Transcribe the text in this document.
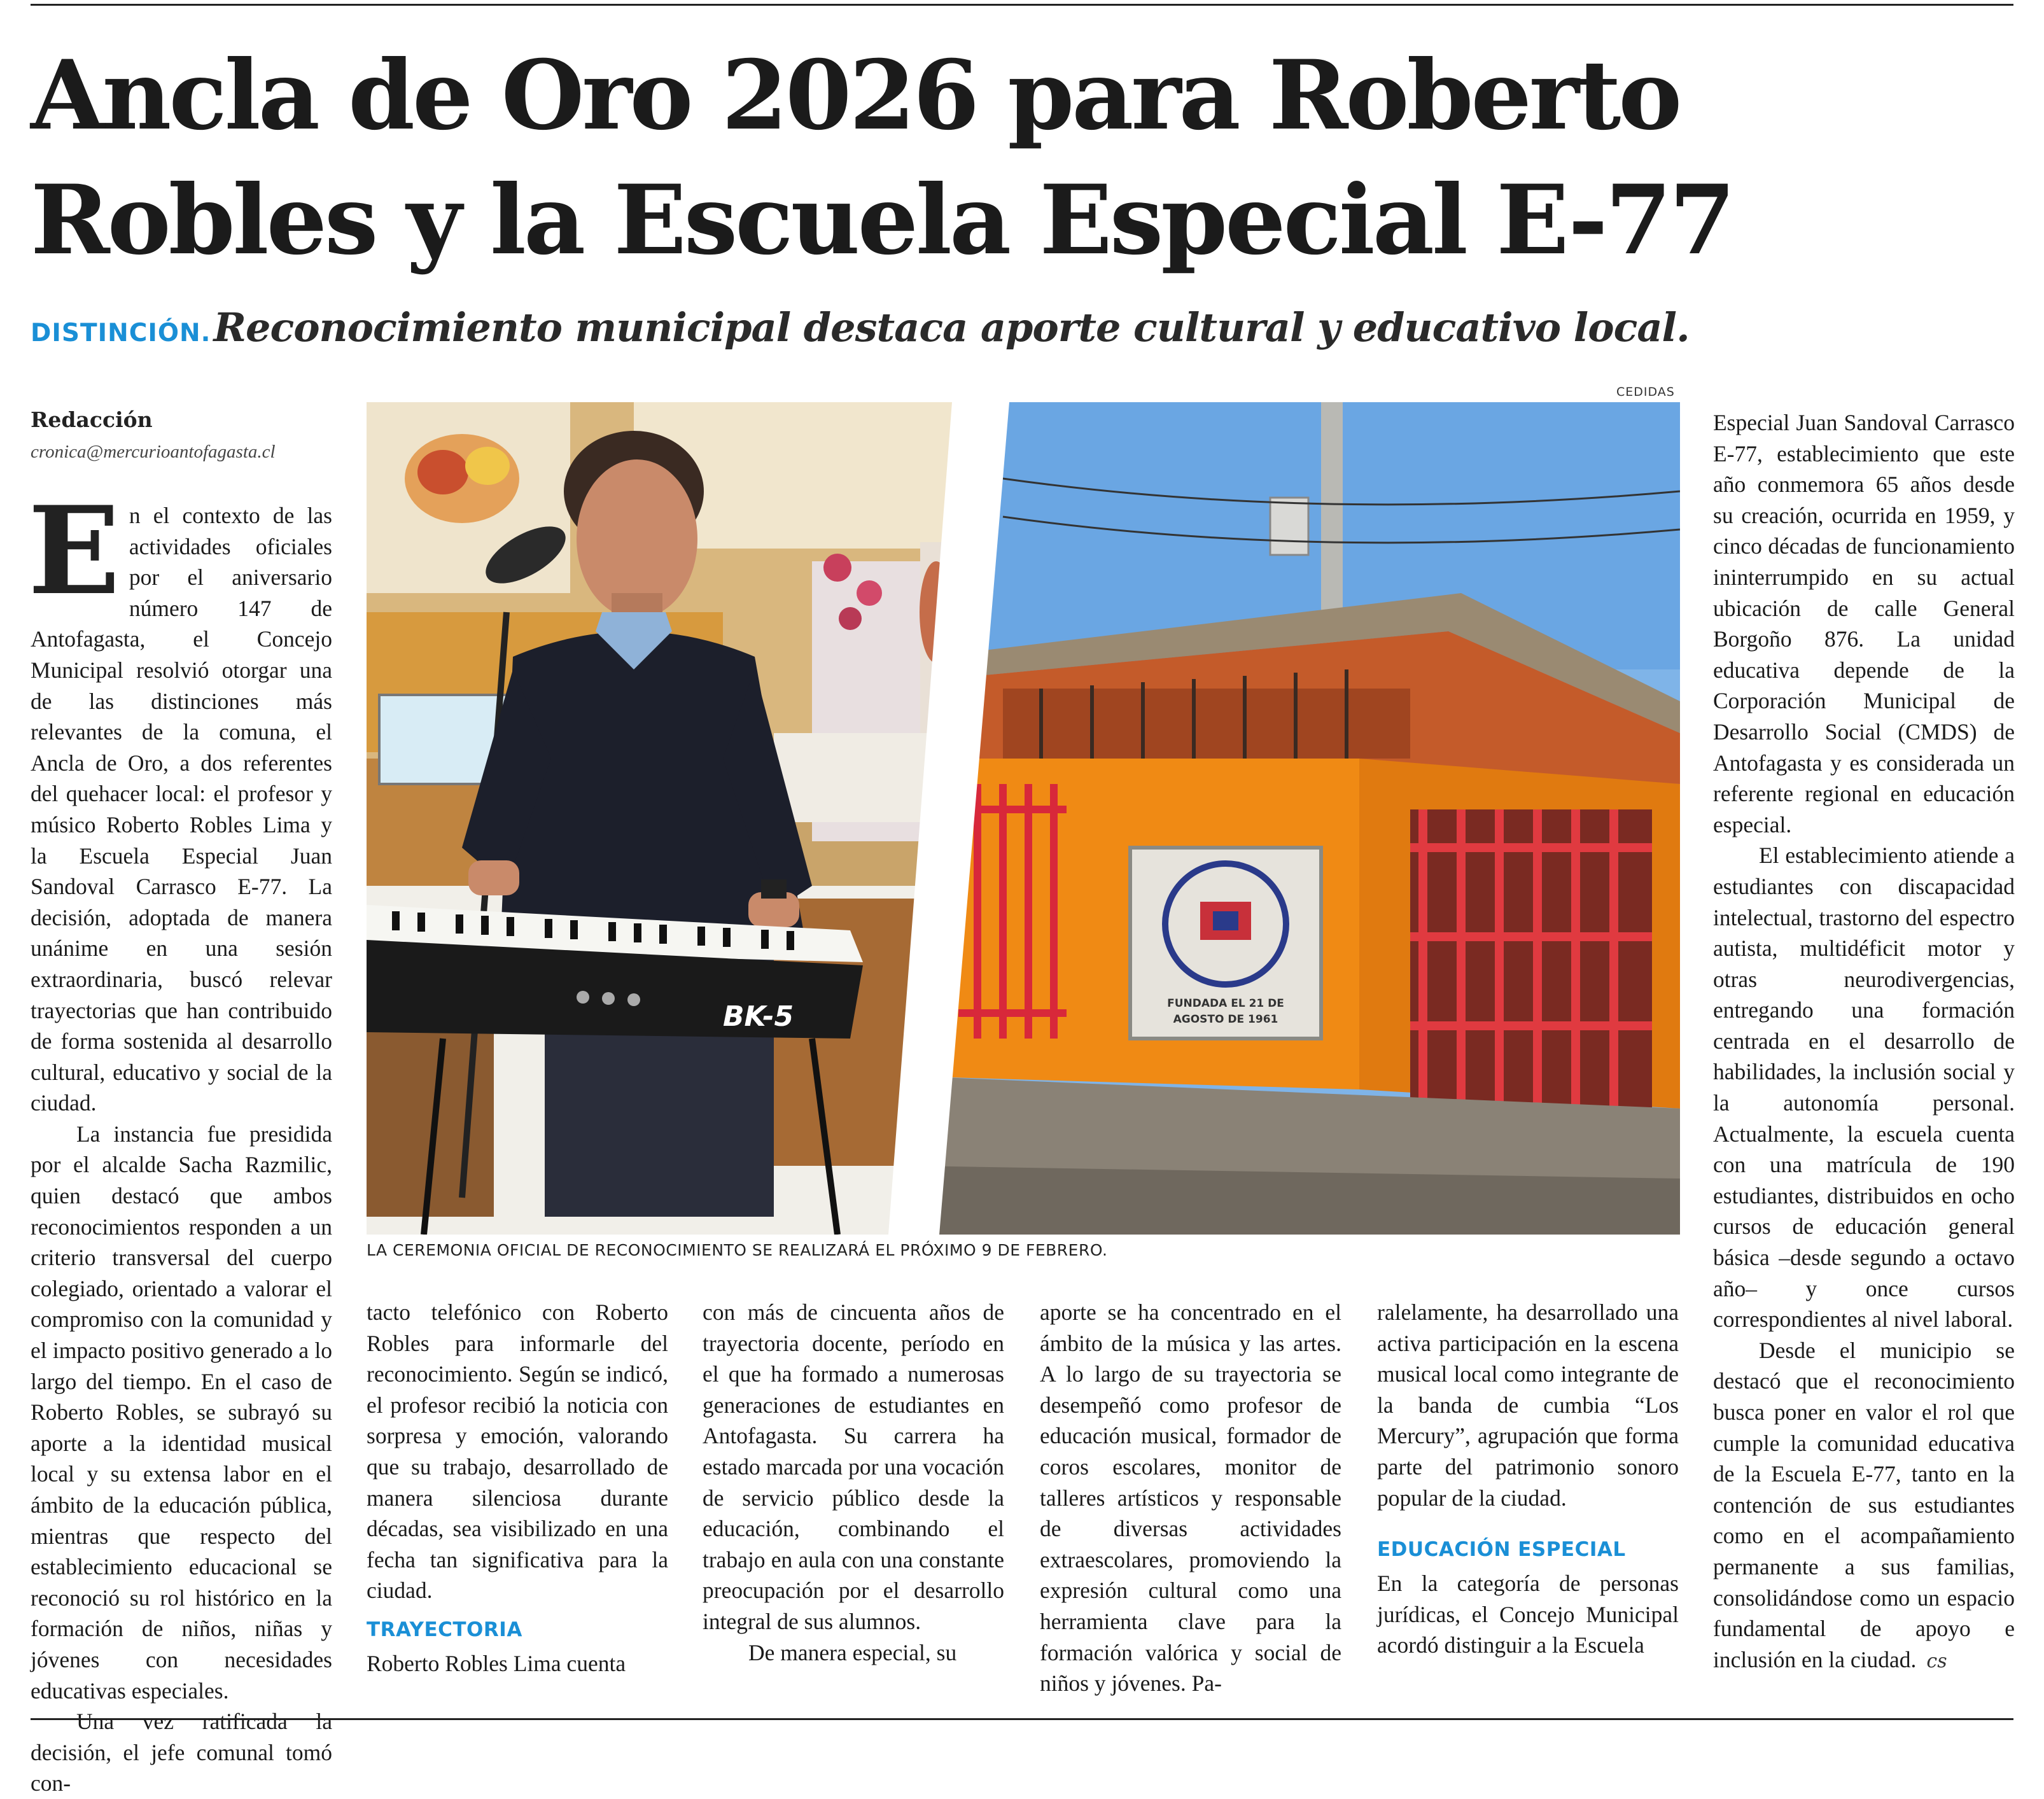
Ancla de Oro 2026 para Roberto Robles y la Escuela Especial E-77
DISTINCIÓN. Reconocimiento municipal destaca aporte cultural y educativo local.
CEDIDAS
Redacción
cronica@mercurioantofagasta.cl

En el contexto de las actividades oficiales por el aniversario número 147 de Antofagasta, el Concejo Municipal resolvió otorgar una de las distinciones más relevantes de la comuna, el Ancla de Oro, a dos referentes del quehacer local: el profesor y músico Roberto Robles Lima y la Escuela Especial Juan Sandoval Carrasco E-77. La decisión, adoptada de manera unánime en una sesión extraordinaria, buscó relevar trayectorias que han contribuido de forma sostenida al desarrollo cultural, educativo y social de la ciudad.

La instancia fue presidida por el alcalde Sacha Razmilic, quien destacó que ambos reconocimientos responden a un criterio transversal del cuerpo colegiado, orientado a valorar el compromiso con la comunidad y el impacto positivo generado a lo largo del tiempo. En el caso de Roberto Robles, se subrayó su aporte a la identidad musical local y su extensa labor en el ámbito de la educación pública, mientras que respecto del establecimiento educacional se reconoció su rol histórico en la formación de niños, niñas y jóvenes con necesidades educativas especiales.

Una vez ratificada la decisión, el jefe comunal tomó con-

BK-5	FUNDADA EL 21 DE
AGOSTO DE 1961
LA CEREMONIA OFICIAL DE RECONOCIMIENTO SE REALIZARÁ EL PRÓXIMO 9 DE FEBRERO.

tacto telefónico con Roberto Robles para informarle del reconocimiento. Según se indicó, el profesor recibió la noticia con sorpresa y emoción, valorando que su trabajo, desarrollado de manera silenciosa durante décadas, sea visibilizado en una fecha tan significativa para la ciudad.

TRAYECTORIA

Roberto Robles Lima cuenta

con más de cincuenta años de trayectoria docente, período en el que ha formado a numerosas generaciones de estudiantes en Antofagasta. Su carrera ha estado marcada por una vocación de servicio público desde la educación, combinando el trabajo en aula con una constante preocupación por el desarrollo integral de sus alumnos.

De manera especial, su

aporte se ha concentrado en el ámbito de la música y las artes. A lo largo de su trayectoria se desempeñó como profesor de educación musical, formador de coros escolares, monitor de talleres artísticos y responsable de diversas actividades extraescolares, promoviendo la expresión cultural como una herramienta clave para la formación valórica y social de niños y jóvenes. Pa-

ralelamente, ha desarrollado una activa participación en la escena musical local como integrante de la banda de cumbia “Los Mercury”, agrupación que forma parte del patrimonio sonoro popular de la ciudad.

EDUCACIÓN ESPECIAL

En la categoría de personas jurídicas, el Concejo Municipal acordó distinguir a la Escuela

Especial Juan Sandoval Carrasco E-77, establecimiento que este año conmemora 65 años desde su creación, ocurrida en 1959, y cinco décadas de funcionamiento ininterrumpido en su actual ubicación de calle General Borgoño 876. La unidad educativa depende de la Corporación Municipal de Desarrollo Social (CMDS) de Antofagasta y es considerada un referente regional en educación especial.

El establecimiento atiende a estudiantes con discapacidad intelectual, trastorno del espectro autista, multidéficit motor y otras neurodivergencias, entregando una formación centrada en el desarrollo de habilidades, la inclusión social y la autonomía personal. Actualmente, la escuela cuenta con una matrícula de 190 estudiantes, distribuidos en ocho cursos de educación general básica –desde segundo a octavo año– y once cursos correspondientes al nivel laboral.

Desde el municipio se destacó que el reconocimiento busca poner en valor el rol que cumple la comunidad educativa de la Escuela E-77, tanto en la contención de sus estudiantes como en el acompañamiento permanente a sus familias, consolidándose como un espacio fundamental de apoyo e inclusión en la ciudad. cs
